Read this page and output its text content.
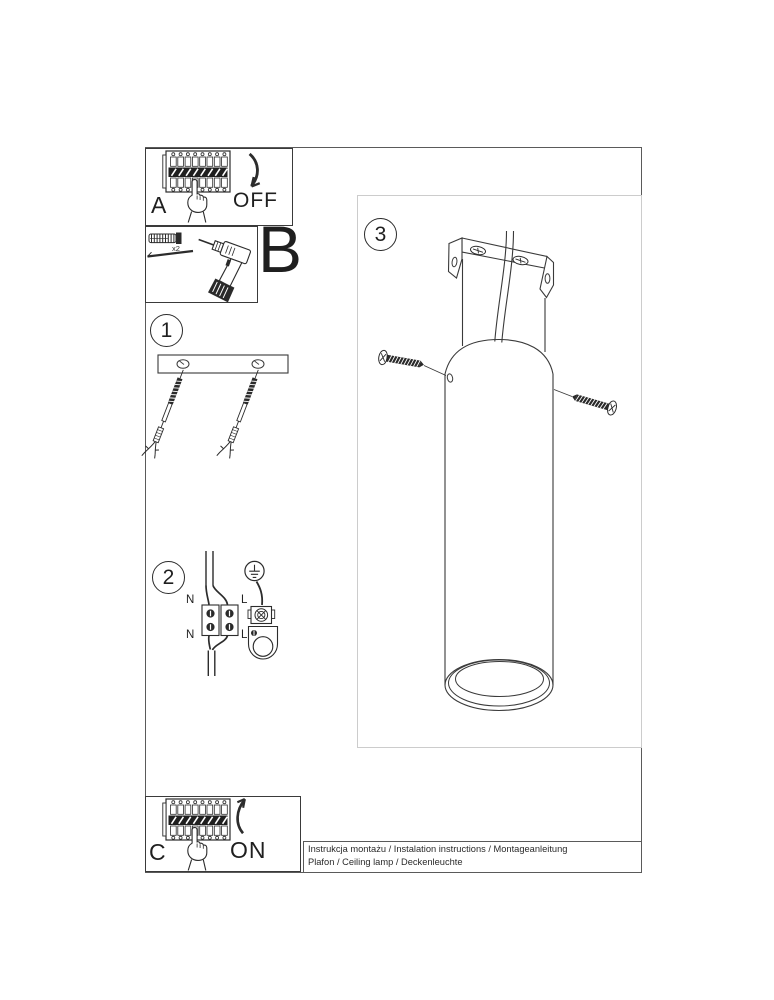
A	OFF
B
x2
1
2
3
N	L
N	L
C	ON	Instrukcja montażu / Instalation instructions / Montageanleitung
Plafon / Ceiling lamp / Deckenleuchte
